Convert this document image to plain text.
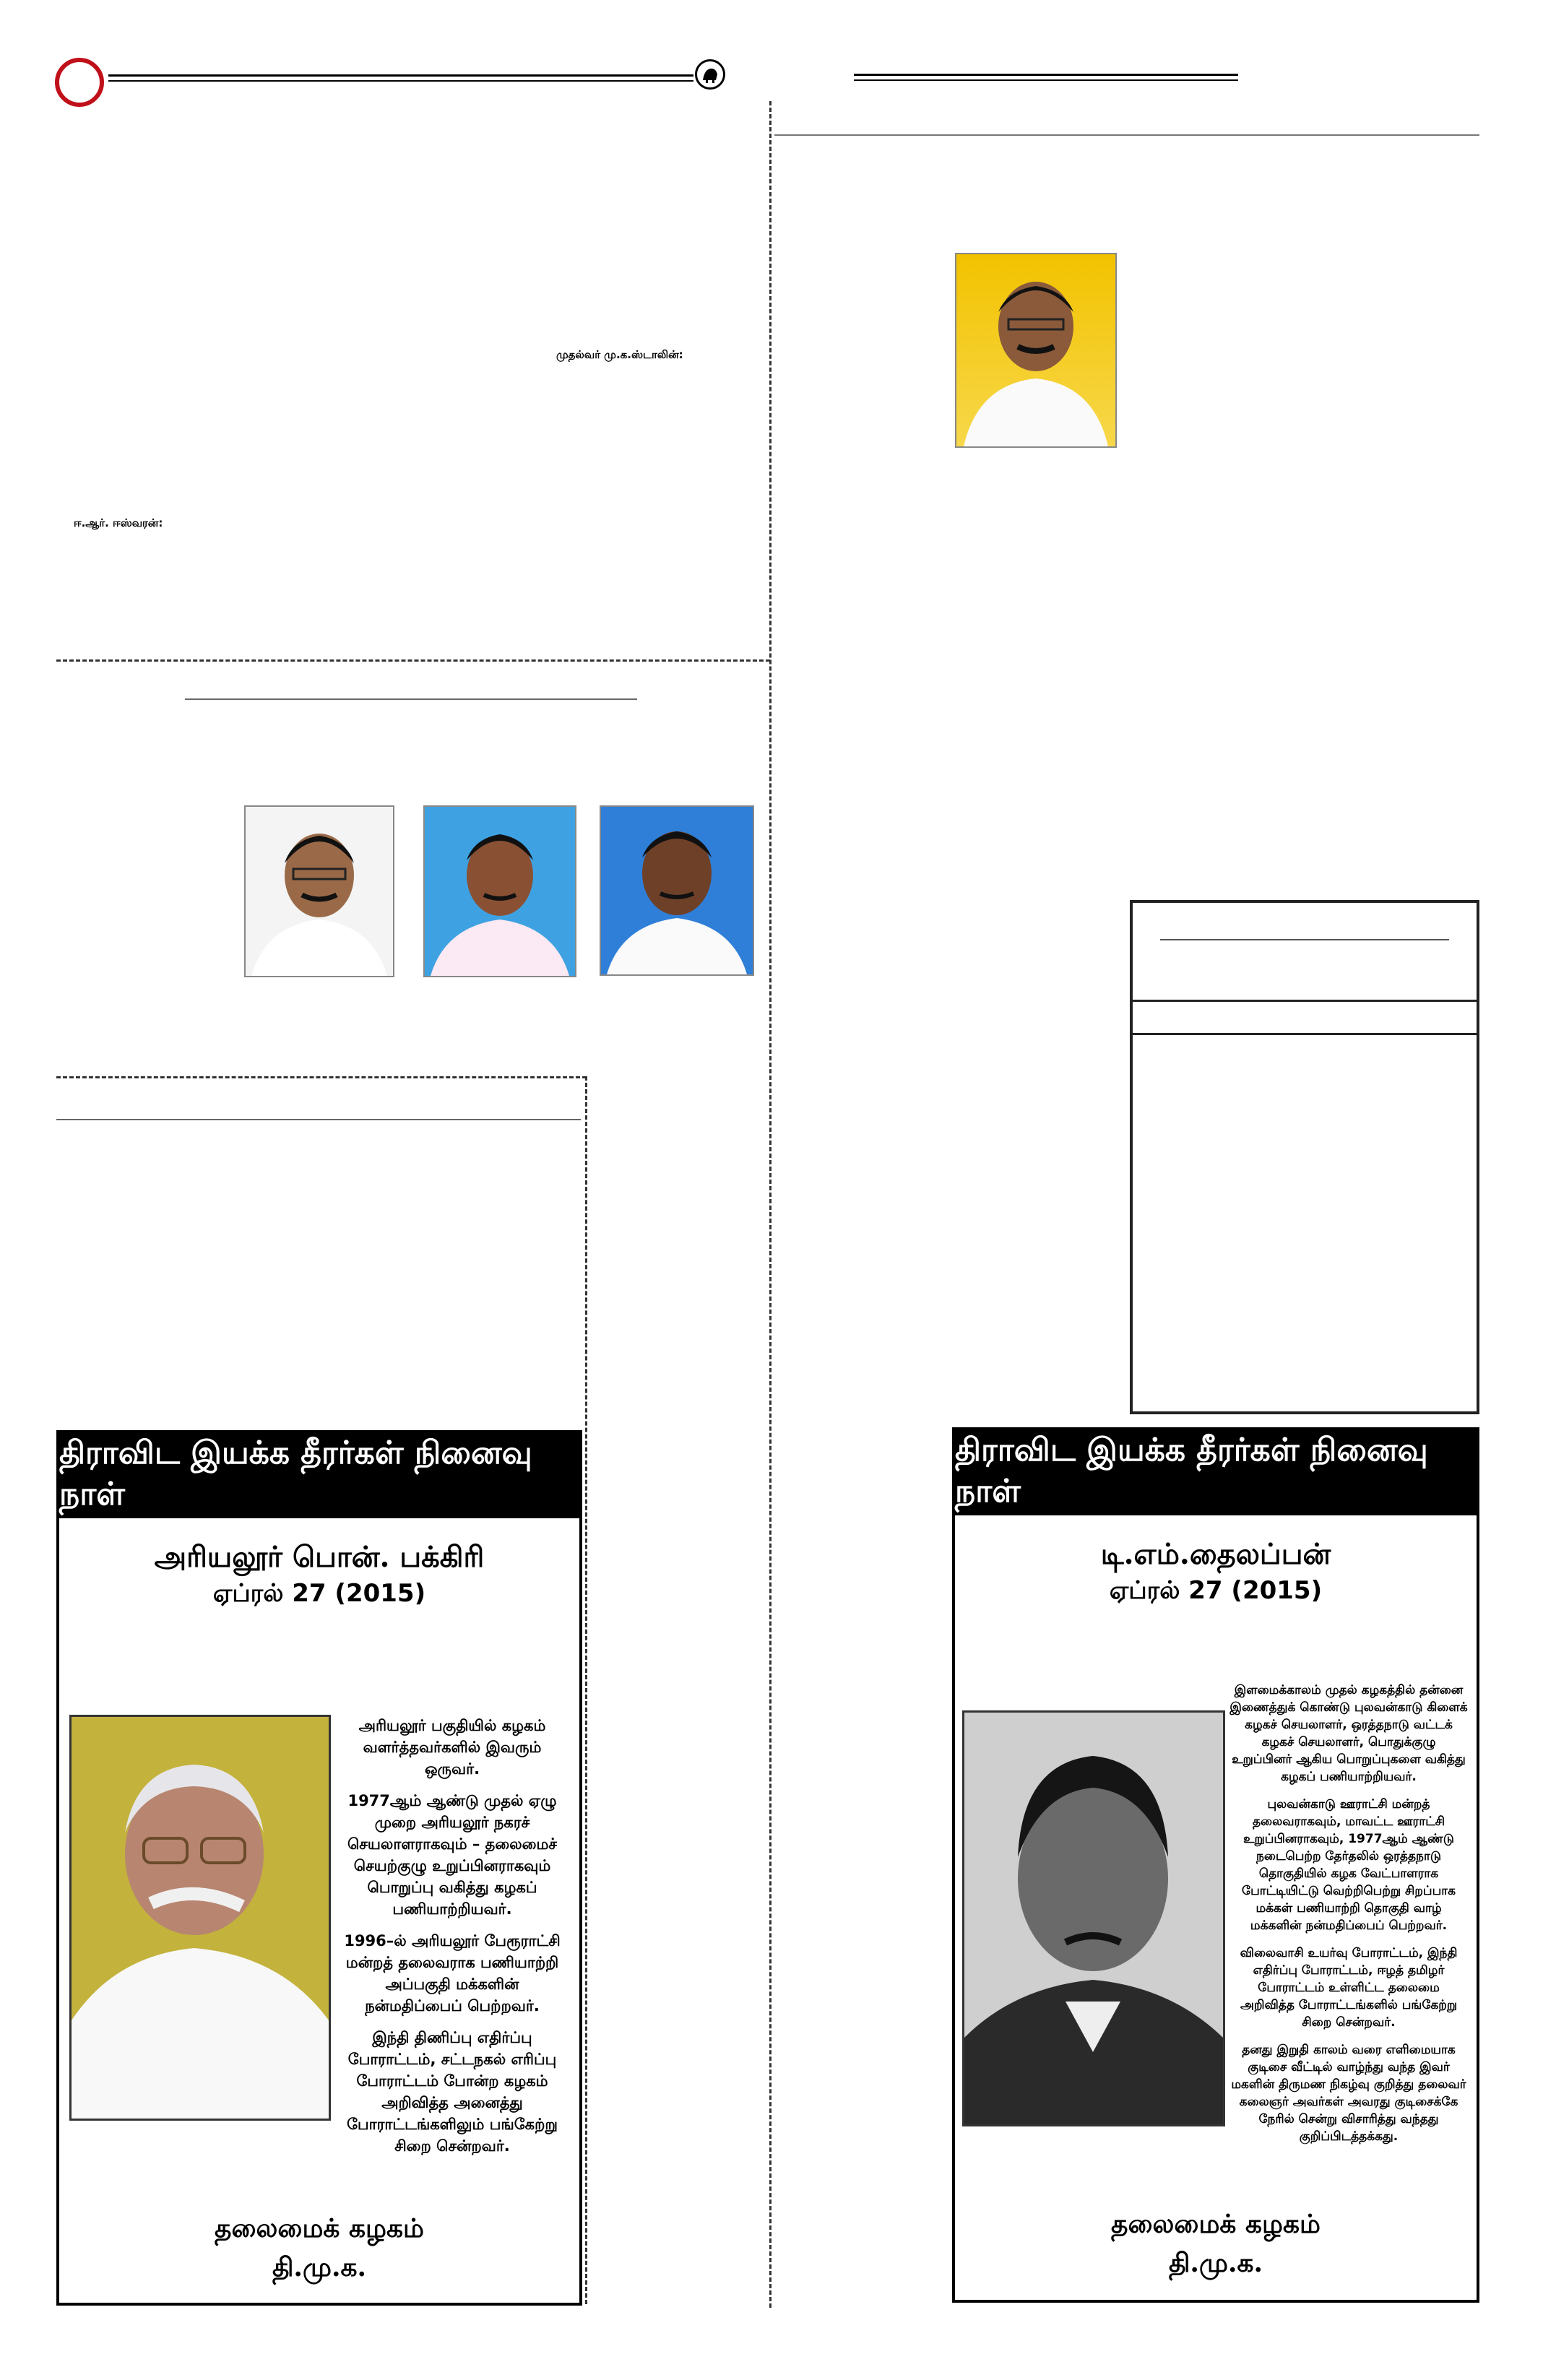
முதல்வர் மு.க.ஸ்டாலின்:
ஈ.ஆர். ஈஸ்வரன்:
திராவிட இயக்க தீரர்கள் நினைவு நாள்
அரியலூர் பொன். பக்கிரி
ஏப்ரல் 27 (2015)

அரியலூர் பகுதியில் கழகம் வளர்த்தவர்களில் இவரும் ஒருவர்.

1977ஆம் ஆண்டு முதல் ஏழு முறை அரியலூர் நகரச் செயலாளராகவும் – தலைமைச் செயற்குழு உறுப்பினராகவும் பொறுப்பு வகித்து கழகப் பணியாற்றியவர்.

1996–ல் அரியலூர் பேரூராட்சி மன்றத் தலைவராக பணியாற்றி அப்பகுதி மக்களின் நன்மதிப்பைப் பெற்றவர்.

இந்தி திணிப்பு எதிர்ப்பு போராட்டம், சட்டநகல் எரிப்பு போராட்டம் போன்ற கழகம் அறிவித்த அனைத்து போராட்டங்களிலும் பங்கேற்று சிறை சென்றவர்.

தலைமைக் கழகம்
தி.மு.க.
திராவிட இயக்க தீரர்கள் நினைவு நாள்
டி.எம்.தைலப்பன்
ஏப்ரல் 27 (2015)

இளமைக்காலம் முதல் கழகத்தில் தன்னை இணைத்துக் கொண்டு புலவன்காடு கிளைக் கழகச் செயலாளர், ஒரத்தநாடு வட்டக் கழகச் செயலாளர், பொதுக்குழு உறுப்பினர் ஆகிய பொறுப்புகளை வகித்து கழகப் பணியாற்றியவர்.

புலவன்காடு ஊராட்சி மன்றத் தலைவராகவும், மாவட்ட ஊராட்சி உறுப்பினராகவும், 1977ஆம் ஆண்டு நடைபெற்ற தேர்தலில் ஒரத்தநாடு தொகுதியில் கழக வேட்பாளராக போட்டியிட்டு வெற்றிபெற்று சிறப்பாக மக்கள் பணியாற்றி தொகுதி வாழ் மக்களின் நன்மதிப்பைப் பெற்றவர்.

விலைவாசி உயர்வு போராட்டம், இந்தி எதிர்ப்பு போராட்டம், ஈழத் தமிழர் போராட்டம் உள்ளிட்ட தலைமை அறிவித்த போராட்டங்களில் பங்கேற்று சிறை சென்றவர்.

தனது இறுதி காலம் வரை எளிமையாக குடிசை வீட்டில் வாழ்ந்து வந்த இவர் மகளின் திருமண நிகழ்வு குறித்து தலைவர் கலைஞர் அவர்கள் அவரது குடிசைக்கே நேரில் சென்று விசாரித்து வந்தது குறிப்பிடத்தக்கது.

தலைமைக் கழகம்
தி.மு.க.
